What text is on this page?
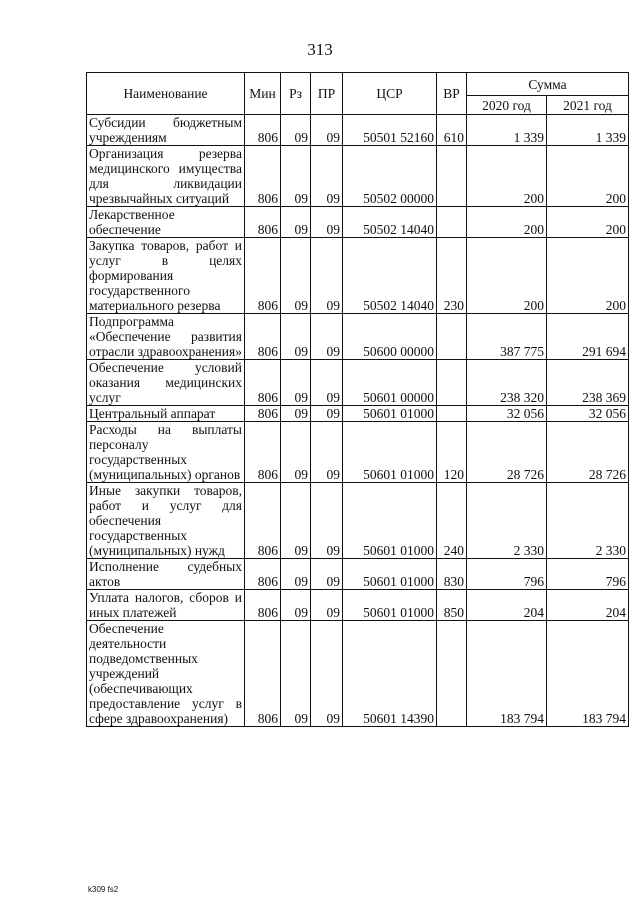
313
Наименование	Мин	Рз	ПР	ЦСР	ВР	Сумма	
						2020 год	2021 год
Субсидии бюджетным учреждениям	806	09	09	50501 52160	610	1 339	1 339
Организация резерва медицинского имущества для ликвидации чрезвычайных ситуаций	806	09	09	50502 00000		200	200
Лекарственное обеспечение	806	09	09	50502 14040		200	200
Закупка товаров, работ и услуг в целях формирования государственного материального резерва	806	09	09	50502 14040	230	200	200
Подпрограмма «Обеспечение развития отрасли здравоохранения»	806	09	09	50600 00000		387 775	291 694
Обеспечение условий оказания медицинских услуг	806	09	09	50601 00000		238 320	238 369
Центральный аппарат	806	09	09	50601 01000		32 056	32 056
Расходы на выплаты персоналу государственных (муниципальных) органов	806	09	09	50601 01000	120	28 726	28 726
Иные закупки товаров, работ и услуг для обеспечения государственных (муниципальных) нужд	806	09	09	50601 01000	240	2 330	2 330
Исполнение судебных актов	806	09	09	50601 01000	830	796	796
Уплата налогов, сборов и иных платежей	806	09	09	50601 01000	850	204	204
Обеспечение деятельности подведомственных учреждений (обеспечивающих предоставление услуг в сфере здравоохранения)	806	09	09	50601 14390		183 794	183 794
k309 fs2
